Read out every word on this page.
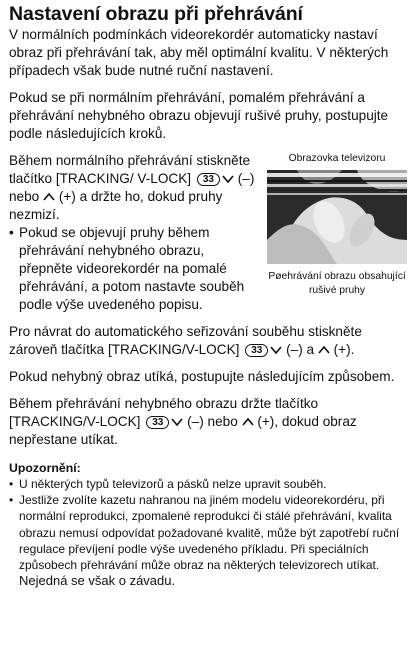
Nastavení obrazu při přehrávání

V normálních podmínkách videorekordér automaticky nastaví obraz při přehrávání tak, aby měl optimální kvalitu. V některých případech však bude nutné ruční nastavení.

Pokud se při normálním přehrávání, pomalém přehrávání a přehrávání nehybného obrazu objevují rušivé pruhy, postupujte podle následujících kroků.

Během normálního přehrávání stiskněte tlačítko [TRACKING/ V-LOCK] 33 (–) nebo (+) a držte ho, dokud pruhy nezmizí.

• Pokud se objevují pruhy během přehrávání nehybného obrazu, přepněte videorekordér na pomalé přehrávání, a potom nastavte souběh podle výše uvedeného popisu.
Obrazovka televizoru
Pøehrávání obrazu obsahující rušivé pruhy

Pro návrat do automatického seřizování souběhu stiskněte zároveň tlačítka [TRACKING/V-LOCK] 33 (–) a (+).

Pokud nehybný obraz utíká, postupujte následujícím způsobem.

Během přehrávání nehybného obrazu držte tlačítko [TRACKING/V-LOCK] 33 (–) nebo (+), dokud obraz nepřestane utíkat.

Upozornění:
• U některých typů televizorů a pásků nelze upravit souběh.
• Jestliže zvolíte kazetu nahranou na jiném modelu videorekordéru, při normální reprodukci, zpomalené reprodukci či stálé přehrávání, kvalita obrazu nemusí odpovídat požadované kvalitě, může být zapotřebí ruční regulace převíjení podle výše uvedeného příkladu. Při speciálních způsobech přehrávání může obraz na některých televizorech utíkat.
Nejedná se však o závadu.
